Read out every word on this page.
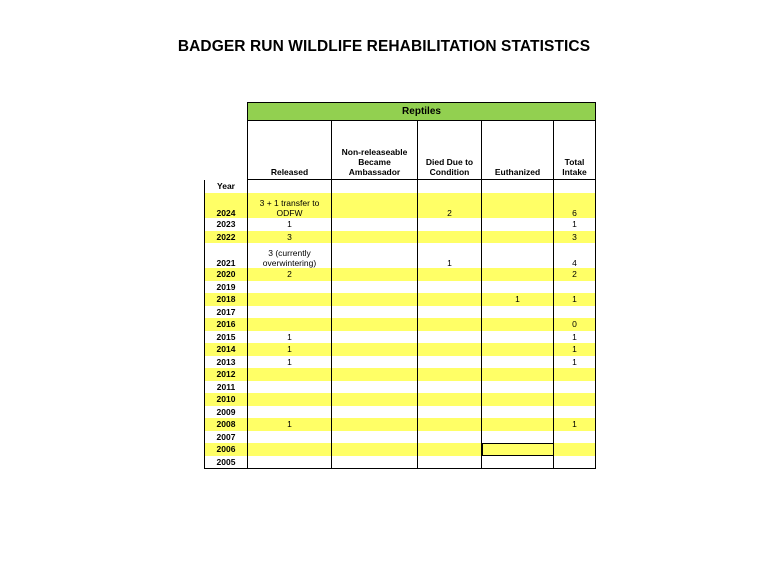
BADGER RUN WILDLIFE REHABILITATION STATISTICS
	Reptiles				
	Released	Non-releaseable Became Ambassador	Died Due to Condition	Euthanized	Total Intake
Year					
2024	3 + 1 transfer to ODFW		2		6
2023	1				1
2022	3				3
2021	3 (currently overwintering)		1		4
2020	2				2
2019					
2018				1	1
2017					
2016					0
2015	1				1
2014	1				1
2013	1				1
2012					
2011					
2010					
2009					
2008	1				1
2007					
2006					
2005					
